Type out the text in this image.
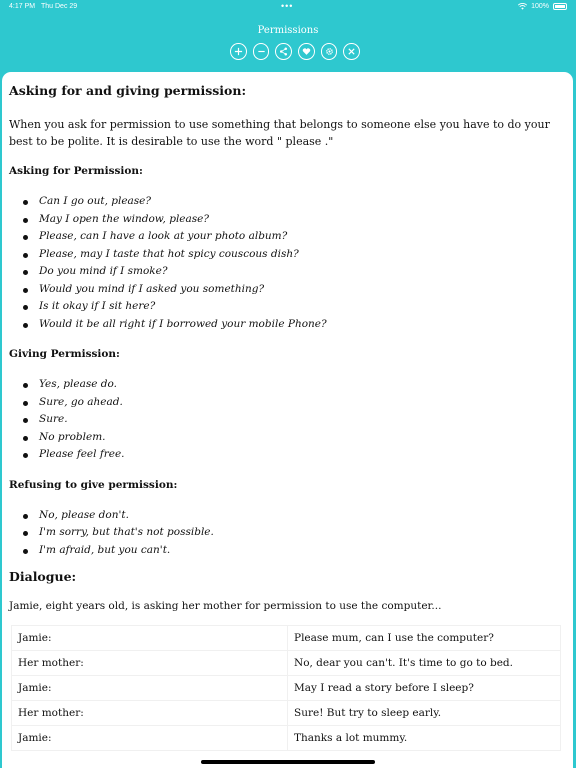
4:17 PM Thu Dec 29	•••	100%
Permissions
Asking for and giving permission:

When you ask for permission to use something that belongs to someone else you have to do your best to be polite. It is desirable to use the word " please ."

Asking for Permission:
Can I go out, please?
May I open the window, please?
Please, can I have a look at your photo album?
Please, may I taste that hot spicy couscous dish?
Do you mind if I smoke?
Would you mind if I asked you something?
Is it okay if I sit here?
Would it be all right if I borrowed your mobile Phone?
Giving Permission:
Yes, please do.
Sure, go ahead.
Sure.
No problem.
Please feel free.
Refusing to give permission:
No, please don't.
I'm sorry, but that's not possible.
I'm afraid, but you can't.
Dialogue:

Jamie, eight years old, is asking her mother for permission to use the computer...

Jamie:	Please mum, can I use the computer?
Her mother:	No, dear you can't. It's time to go to bed.
Jamie:	May I read a story before I sleep?
Her mother:	Sure! But try to sleep early.
Jamie:	Thanks a lot mummy.
